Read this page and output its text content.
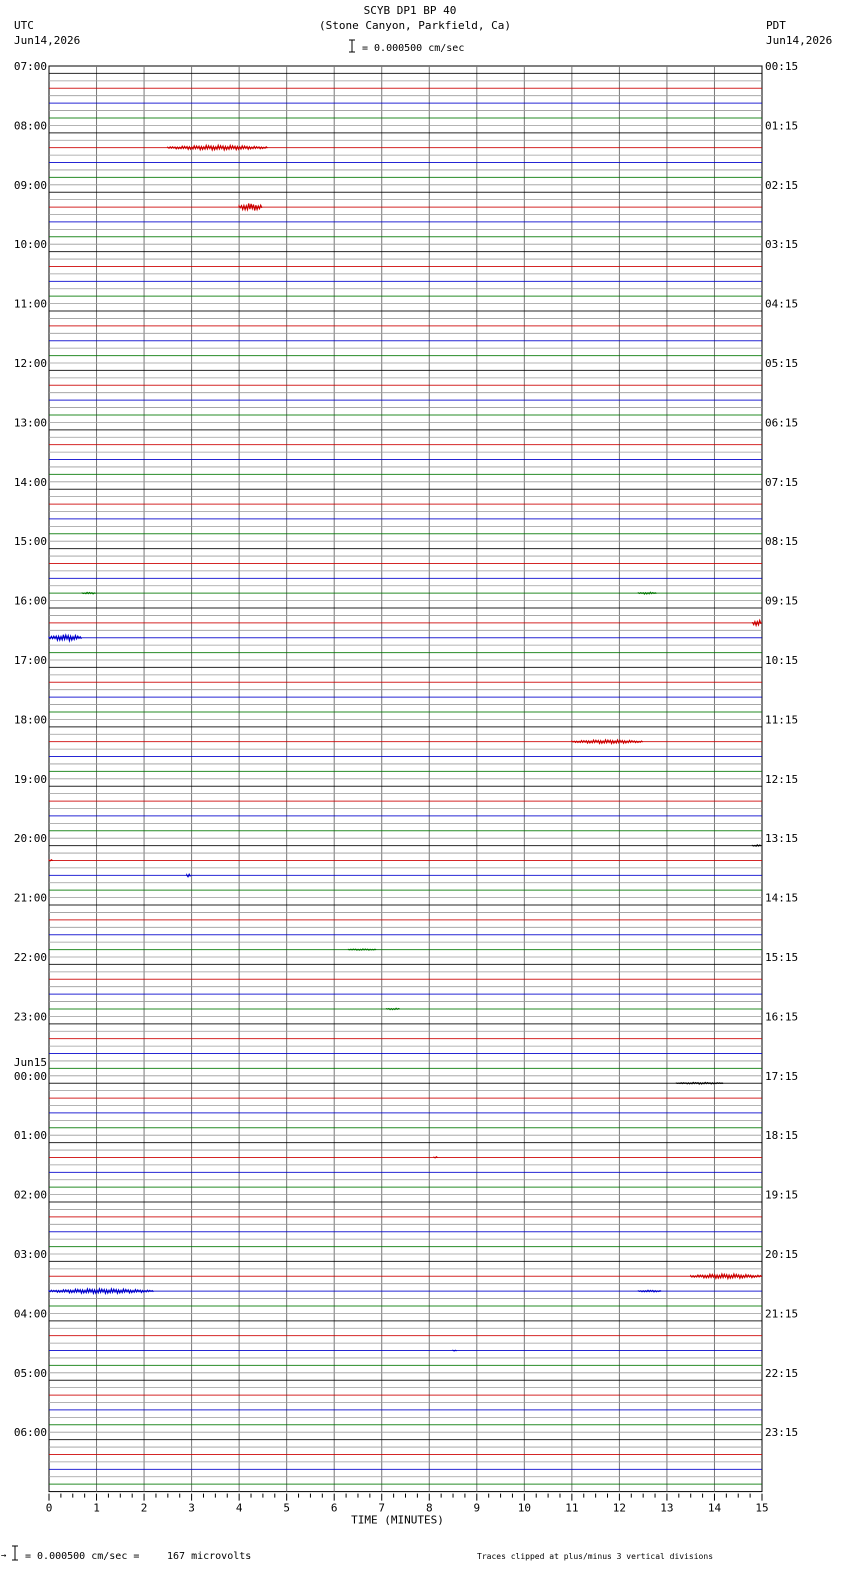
SCYB DP1 BP 40
(Stone Canyon, Parkfield, Ca)
UTC
Jun14,2026
PDT
Jun14,2026
= 0.000500 cm/sec
07:00
08:00
09:00
10:00
11:00
12:00
13:00
14:00
15:00
16:00
17:00
18:00
19:00
20:00
21:00
22:00
23:00
00:00
Jun15
01:00
02:00
03:00
04:00
05:00
06:00
00:15
01:15
02:15
03:15
04:15
05:15
06:15
07:15
08:15
09:15
10:15
11:15
12:15
13:15
14:15
15:15
16:15
17:15
18:15
19:15
20:15
21:15
22:15
23:15
0	1	2	3	4	5	6	7	8	9	10	11	12	13	14	15
TIME (MINUTES)
→ = 0.000500 cm/sec =	167 microvolts	Traces clipped at plus/minus 3 vertical divisions
